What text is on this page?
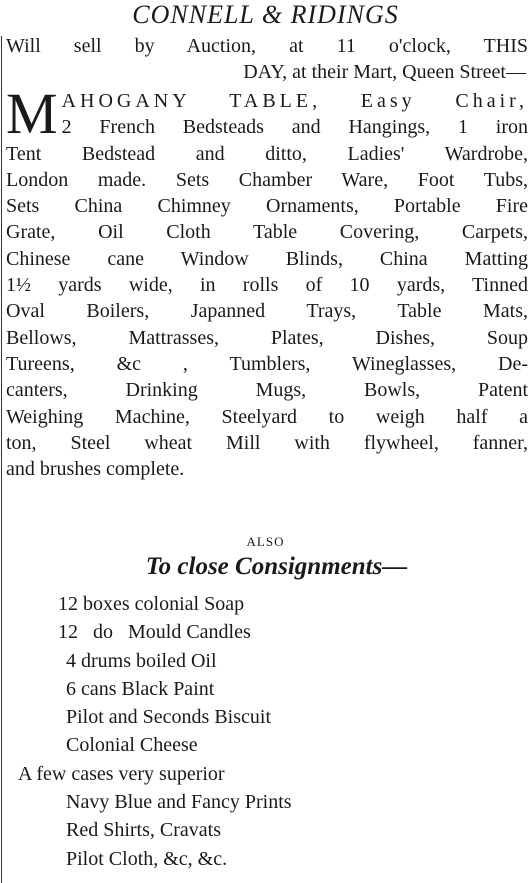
CONNELL & RIDINGS
Will sell by Auction, at 11 o'clock, THIS
DAY, at their Mart, Queen Street—
M AHOGANY TABLE, Easy Chair,
2 French Bedsteads and Hangings, 1 iron
Tent Bedstead and ditto, Ladies' Wardrobe,
London made. Sets Chamber Ware, Foot Tubs,
Sets China Chimney Ornaments, Portable Fire
Grate, Oil Cloth Table Covering, Carpets,
Chinese cane Window Blinds, China Matting
1½ yards wide, in rolls of 10 yards, Tinned
Oval Boilers, Japanned Trays, Table Mats,
Bellows, Mattrasses, Plates, Dishes, Soup
Tureens, &c , Tumblers, Wineglasses, De-
canters, Drinking Mugs, Bowls, Patent
Weighing Machine, Steelyard to weigh half a
ton, Steel wheat Mill with flywheel, fanner,
and brushes complete.
ALSO
To close Consignments—
12 boxes colonial Soap
12   do   Mould Candles
4 drums boiled Oil
6 cans Black Paint
Pilot and Seconds Biscuit
Colonial Cheese
A few cases very superior
Navy Blue and Fancy Prints
Red Shirts, Cravats
Pilot Cloth, &c, &c.
